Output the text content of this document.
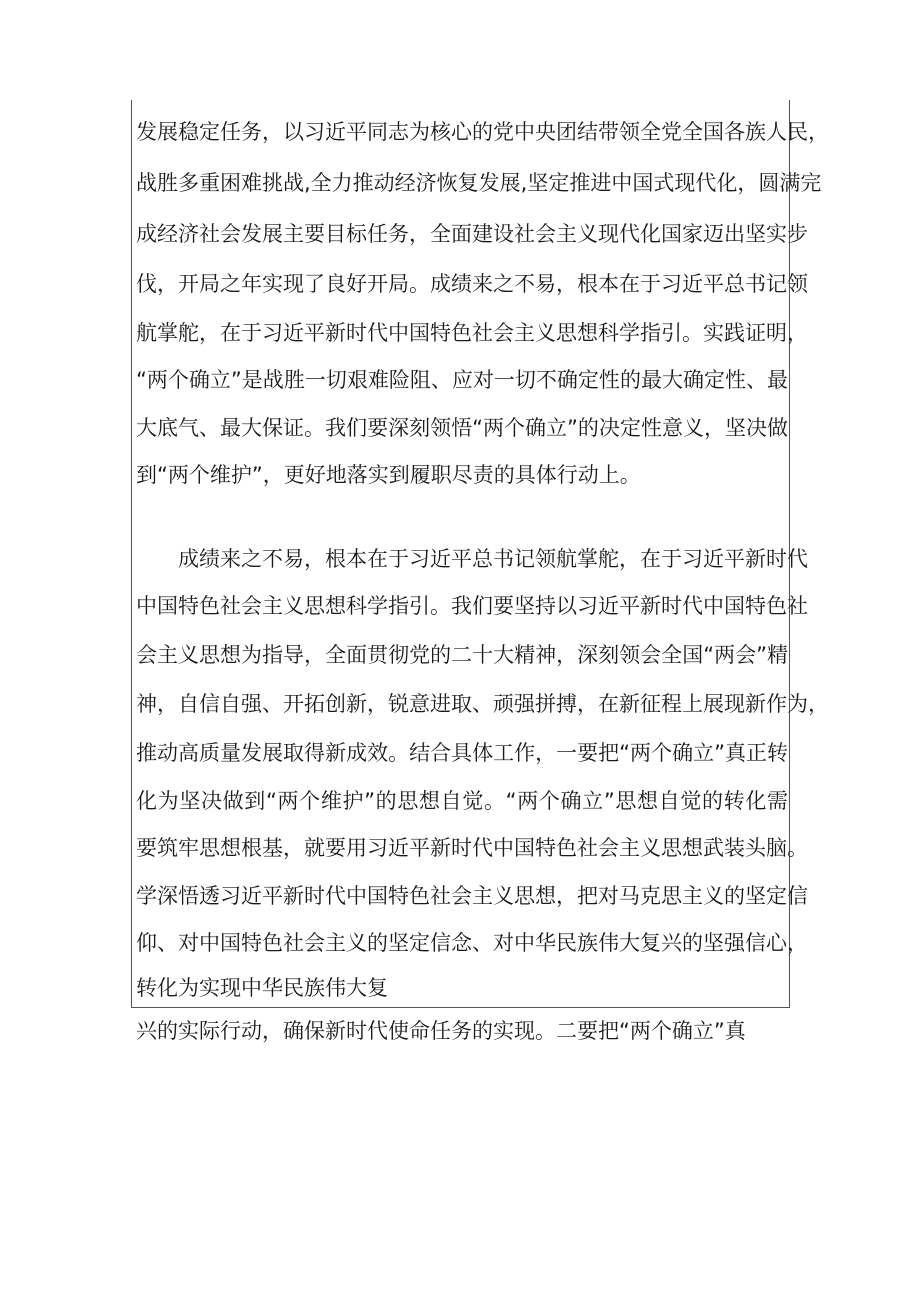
发展稳定任务，以习近平同志为核心的党中央团结带领全党全国各族人民，
战胜多重困难挑战,全力推动经济恢复发展,坚定推进中国式现代化，圆满完
成经济社会发展主要目标任务，全面建设社会主义现代化国家迈出坚实步
伐，开局之年实现了良好开局。成绩来之不易，根本在于习近平总书记领
航掌舵，在于习近平新时代中国特色社会主义思想科学指引。实践证明，
“两个确立”是战胜一切艰难险阻、应对一切不确定性的最大确定性、最
大底气、最大保证。我们要深刻领悟“两个确立”的决定性意义，坚决做
到“两个维护”，更好地落实到履职尽责的具体行动上。
成绩来之不易，根本在于习近平总书记领航掌舵，在于习近平新时代
中国特色社会主义思想科学指引。我们要坚持以习近平新时代中国特色社
会主义思想为指导，全面贯彻党的二十大精神，深刻领会全国“两会”精
神，自信自强、开拓创新，锐意进取、顽强拼搏，在新征程上展现新作为，
推动高质量发展取得新成效。结合具体工作，一要把“两个确立”真正转
化为坚决做到“两个维护”的思想自觉。“两个确立”思想自觉的转化需
要筑牢思想根基，就要用习近平新时代中国特色社会主义思想武装头脑。
学深悟透习近平新时代中国特色社会主义思想，把对马克思主义的坚定信
仰、对中国特色社会主义的坚定信念、对中华民族伟大复兴的坚强信心，
转化为实现中华民族伟大复
兴的实际行动，确保新时代使命任务的实现。二要把“两个确立”真
